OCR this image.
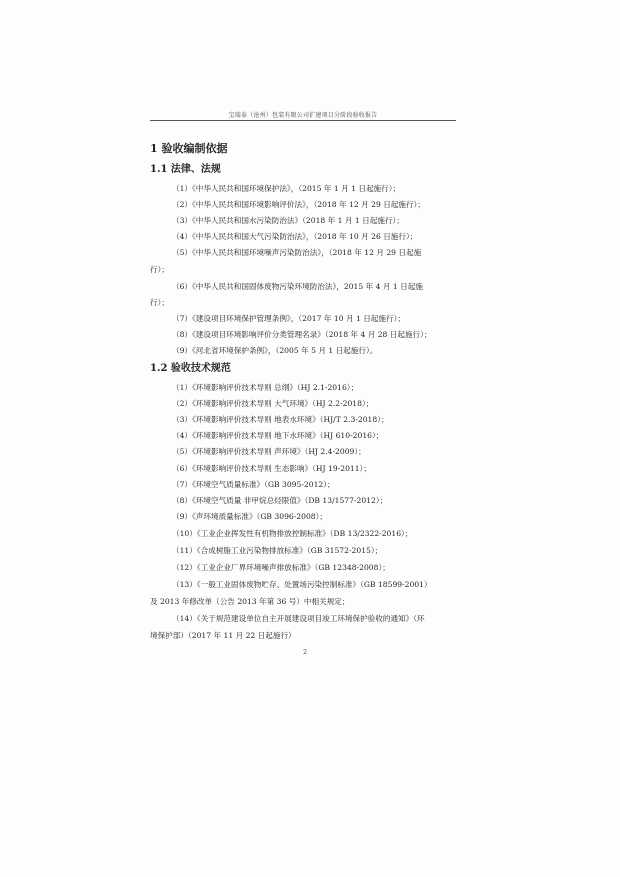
宝瑞泰（沧州）包装有限公司扩建项目分阶段验收报告
1 验收编制依据
1.1 法律、法规
（1）《中华人民共和国环境保护法》，（2015 年 1 月 1 日起施行）；
（2）《中华人民共和国环境影响评价法》，（2018 年 12 月 29 日起施行）；
（3）《中华人民共和国水污染防治法》（2018 年 1 月 1 日起施行）；
（4）《中华人民共和国大气污染防治法》，（2018 年 10 月 26 日施行）；
（5）《中华人民共和国环境噪声污染防治法》，（2018 年 12 月 29 日起施
行）；
（6）《中华人民共和国固体废物污染环境防治法》，2015 年 4 月 1 日起施
行）；
（7）《建设项目环境保护管理条例》，（2017 年 10 月 1 日起施行）；
（8）《建设项目环境影响评价分类管理名录》（2018 年 4 月 28 日起施行）；
（9）《河北省环境保护条例》，（2005 年 5 月 1 日起施行）。
1.2 验收技术规范
（1）《环境影响评价技术导则 总纲》（HJ 2.1-2016）；
（2）《环境影响评价技术导则 大气环境》（HJ 2.2-2018）；
（3）《环境影响评价技术导则 地表水环境》（HJ/T 2.3-2018）；
（4）《环境影响评价技术导则 地下水环境》（HJ 610-2016）；
（5）《环境影响评价技术导则 声环境》（HJ 2.4-2009）；
（6）《环境影响评价技术导则 生态影响》（HJ 19-2011）；
（7）《环境空气质量标准》（GB 3095-2012）；
（8）《环境空气质量 非甲烷总烃限值》（DB 13/1577-2012）；
（9）《声环境质量标准》（GB 3096-2008）；
（10）《工业企业挥发性有机物排放控制标准》（DB 13/2322-2016）；
（11）《合成树脂工业污染物排放标准》（GB 31572-2015）；
（12）《工业企业厂界环境噪声排放标准》（GB 12348-2008）；
（13）《一般工业固体废物贮存、处置场污染控制标准》（GB 18599-2001）
及 2013 年修改单（公告 2013 年第 36 号）中相关规定；
（14）《关于规范建设单位自主开展建设项目竣工环境保护验收的通知》（环
境保护部）（2017 年 11 月 22 日起施行）
2
